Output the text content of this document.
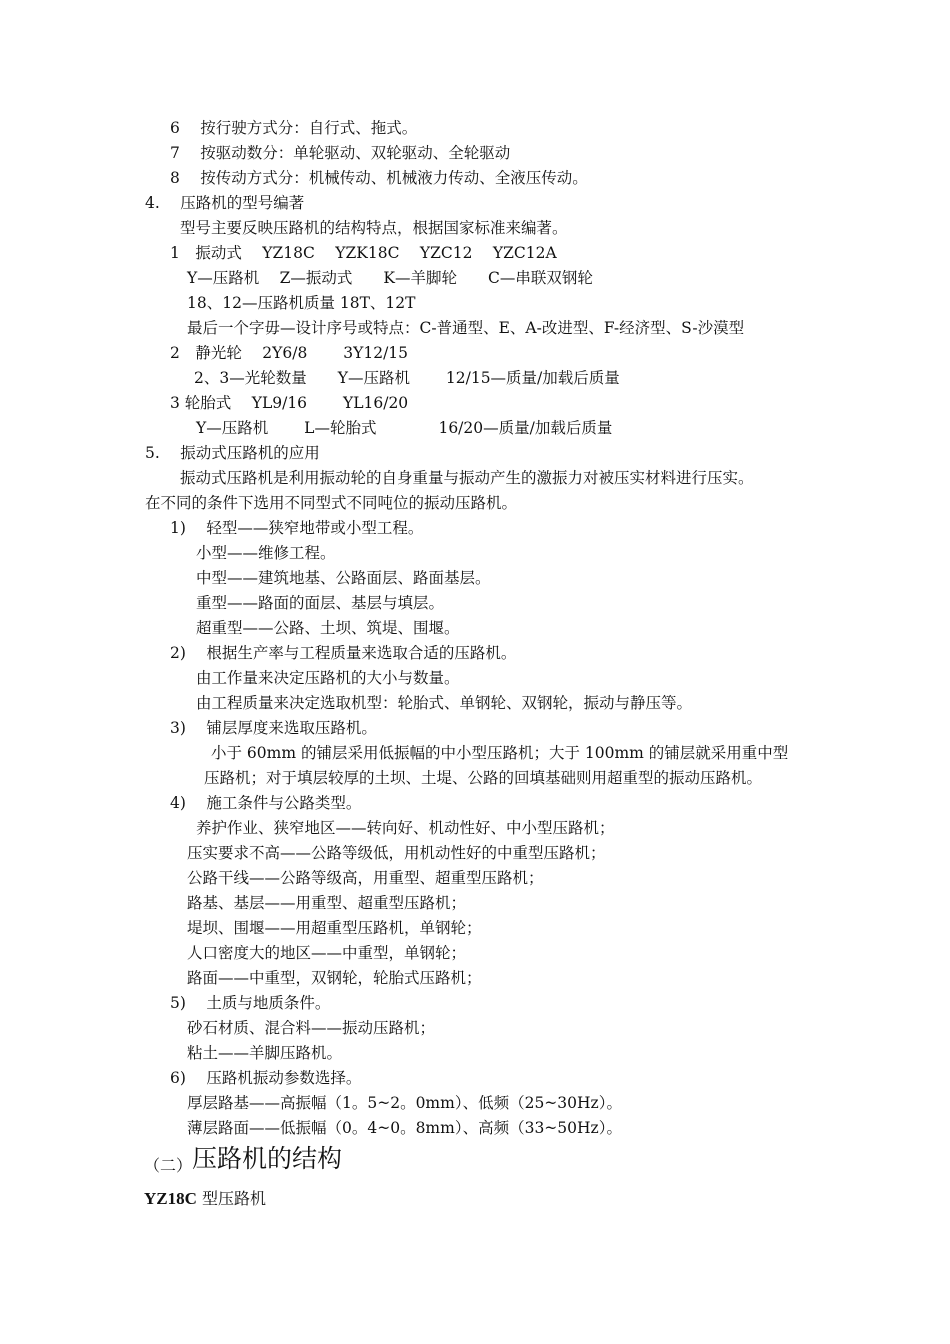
6  按行驶方式分：自行式、拖式。

7  按驱动数分：单轮驱动、双轮驱动、全轮驱动

8  按传动方式分：机械传动、机械液力传动、全液压传动。

4.  压路机的型号编著

型号主要反映压路机的结构特点，根据国家标准来编著。

1 振动式  YZ18C  YZK18C  YZC12  YZC12A

Y—压路机  Z—振动式  K—羊脚轮  C—串联双钢轮

18、12—压路机质量 18T、12T

最后一个字毋—设计序号或特点：C-普通型、E、A-改进型、F-经济型、S-沙漠型

2 静光轮  2Y6/8   3Y12/15

2、3—光轮数量  Y—压路机   12/15—质量/加载后质量

3 轮胎式  YL9/16   YL16/20

Y—压路机   L—轮胎式    16/20—质量/加载后质量

5.  振动式压路机的应用

振动式压路机是利用振动轮的自身重量与振动产生的激振力对被压实材料进行压实。

在不同的条件下选用不同型式不同吨位的振动压路机。

1)  轻型——狭窄地带或小型工程。

小型——维修工程。

中型——建筑地基、公路面层、路面基层。

重型——路面的面层、基层与填层。

超重型——公路、土坝、筑堤、围堰。

2)  根据生产率与工程质量来选取合适的压路机。

由工作量来决定压路机的大小与数量。

由工程质量来决定选取机型：轮胎式、单钢轮、双钢轮，振动与静压等。

3)  铺层厚度来选取压路机。

小于 60mm 的铺层采用低振幅的中小型压路机；大于 100mm 的铺层就采用重中型

压路机；对于填层较厚的土坝、土堤、公路的回填基础则用超重型的振动压路机。

4)  施工条件与公路类型。

养护作业、狭窄地区——转向好、机动性好、中小型压路机；

压实要求不高——公路等级低，用机动性好的中重型压路机；

公路干线——公路等级高，用重型、超重型压路机；

路基、基层——用重型、超重型压路机；

堤坝、围堰——用超重型压路机，单钢轮；

人口密度大的地区——中重型，单钢轮；

路面——中重型，双钢轮，轮胎式压路机；

5)  土质与地质条件。

砂石材质、混合料——振动压路机；

粘土——羊脚压路机。

6)  压路机振动参数选择。

厚层路基——高振幅（1。5~2。0mm）、低频（25~30Hz）。

薄层路面——低振幅（0。4~0。8mm）、高频（33~50Hz）。

（二）压路机的结构
YZ18C 型压路机
